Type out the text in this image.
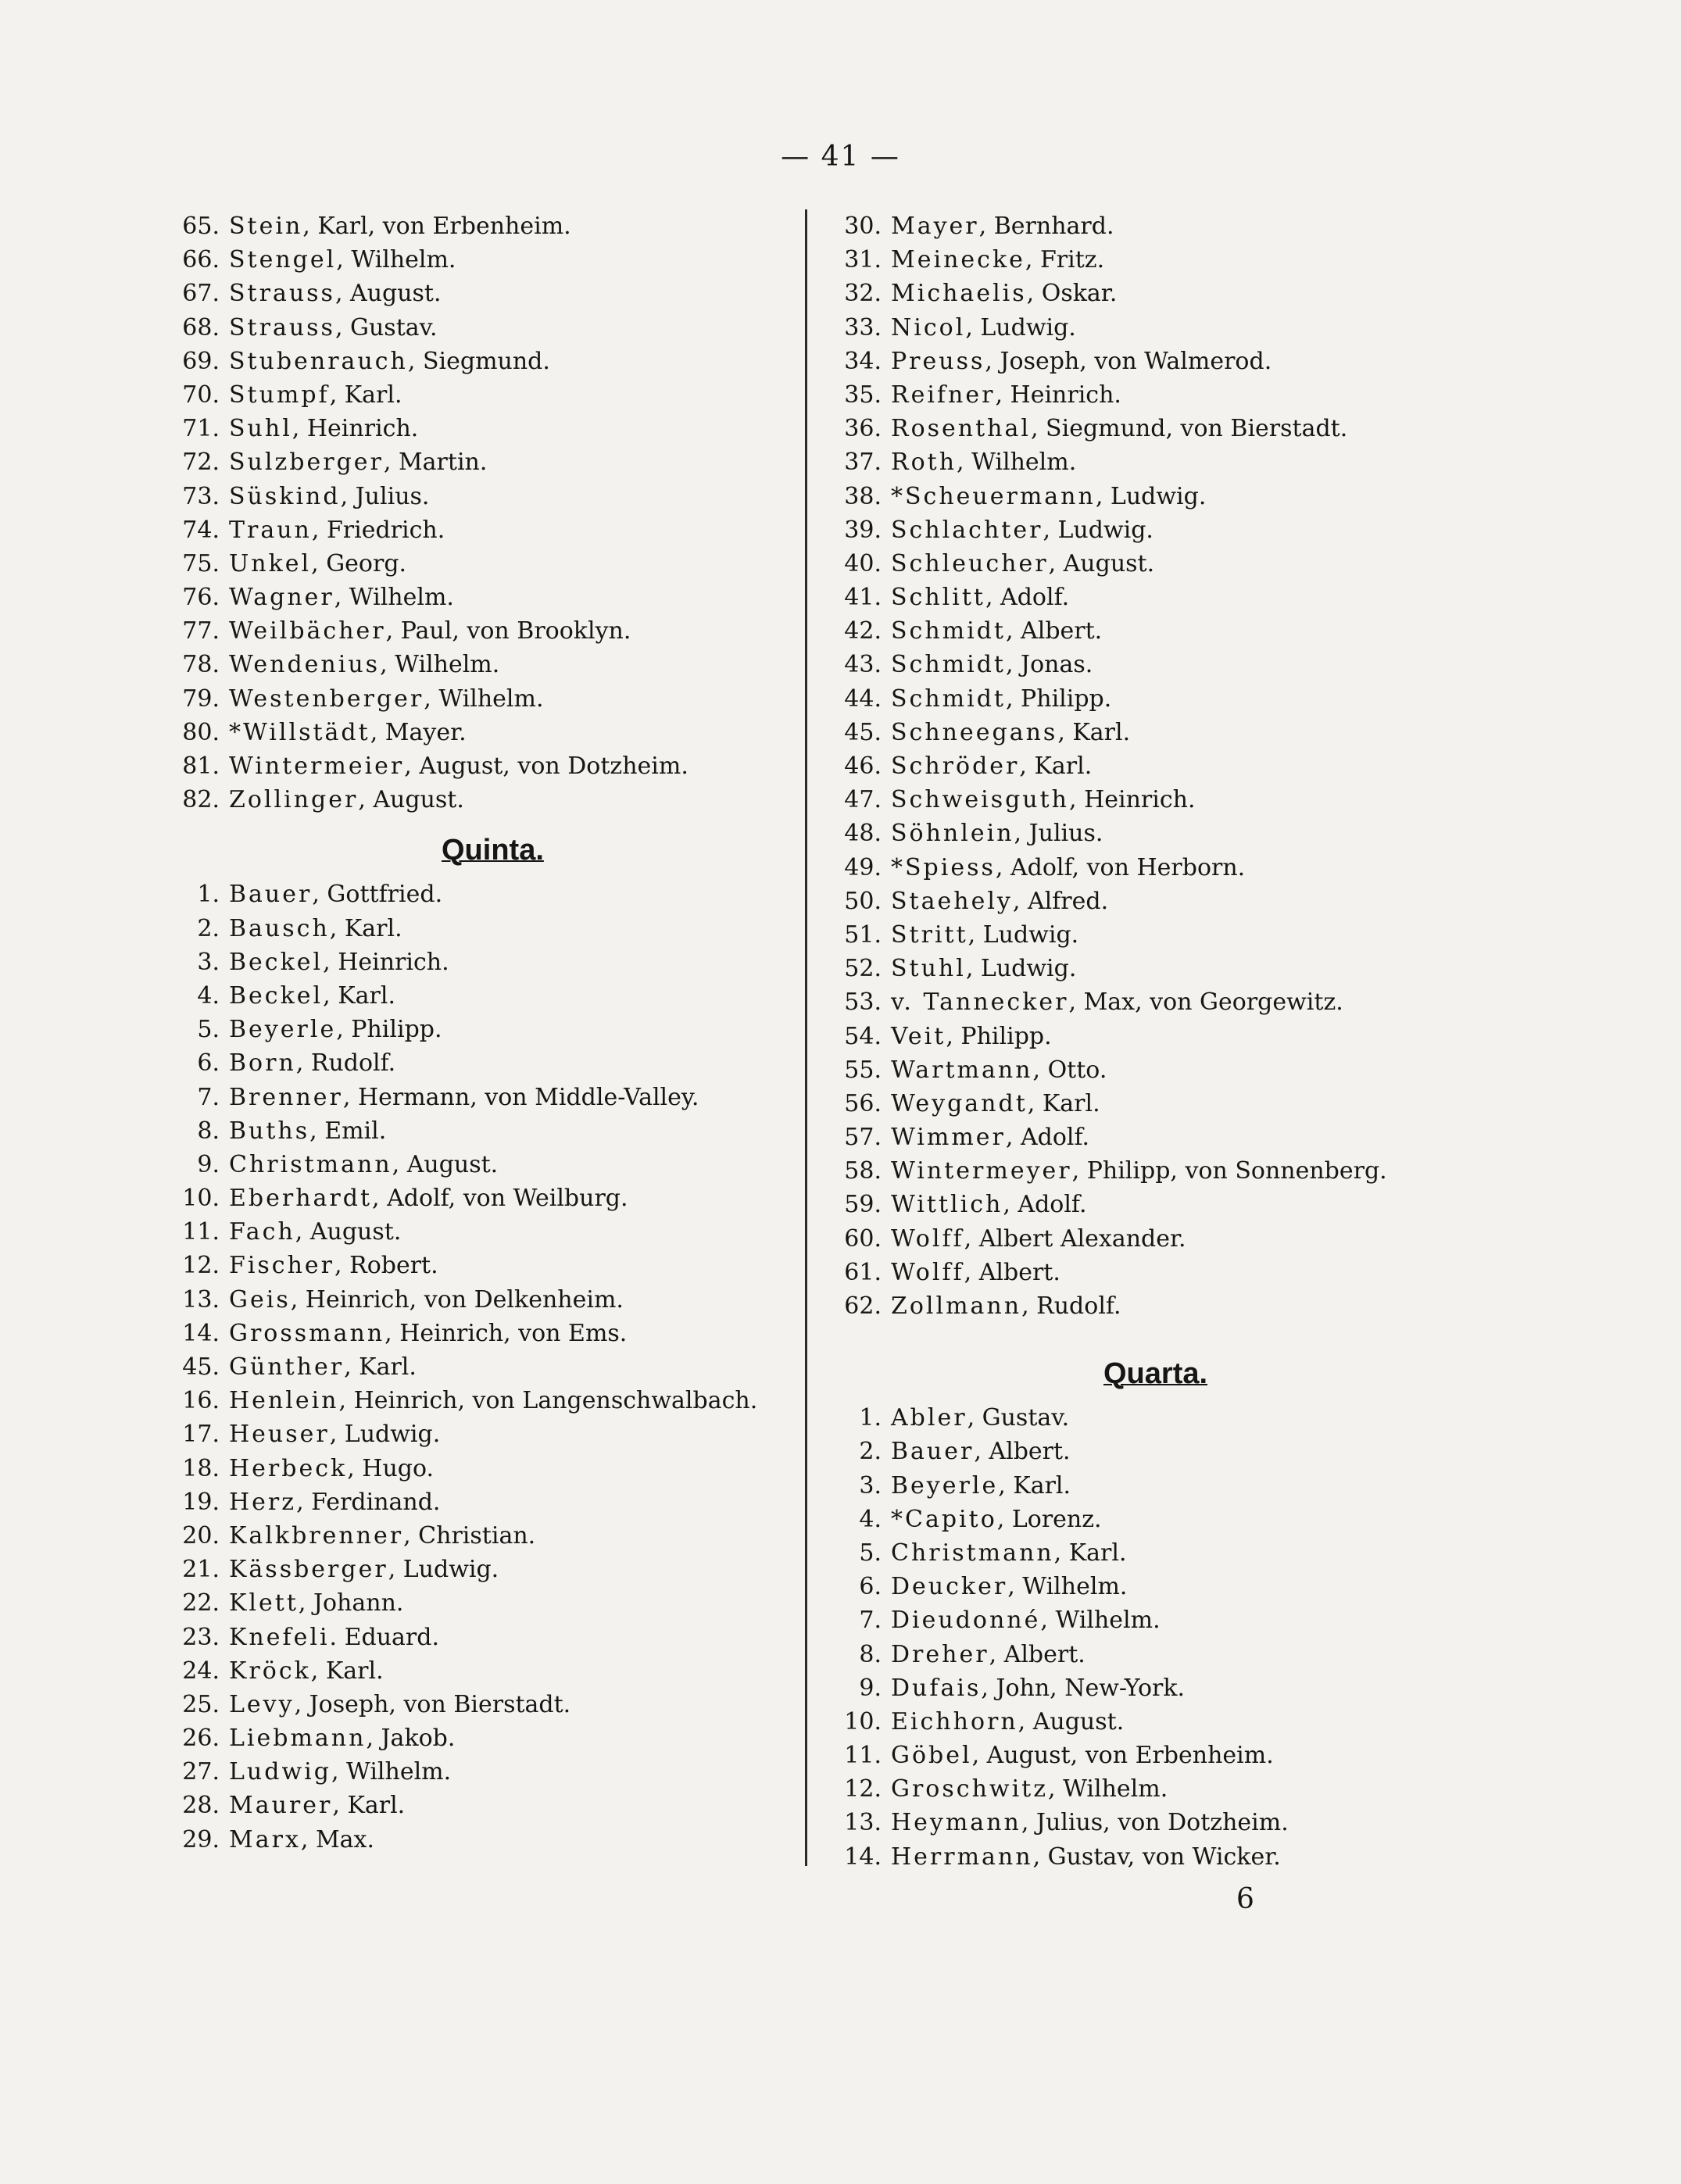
— 41 —
65. Stein , Karl, von Erbenheim.
66. Stengel , Wilhelm.
67. Strauss , August.
68. Strauss , Gustav.
69. Stubenrauch , Siegmund.
70. Stumpf , Karl.
71. Suhl , Heinrich.
72. Sulzberger , Martin.
73. Süskind , Julius.
74. Traun , Friedrich.
75. Unkel , Georg.
76. Wagner , Wilhelm.
77. Weilbächer , Paul, von Brooklyn.
78. Wendenius , Wilhelm.
79. Westenberger , Wilhelm.
80. *Willstädt , Mayer.
81. Wintermeier , August, von Dotzheim.
82. Zollinger , August.
Quinta.
1. Bauer , Gottfried.
2. Bausch , Karl.
3. Beckel , Heinrich.
4. Beckel , Karl.
5. Beyerle , Philipp.
6. Born , Rudolf.
7. Brenner , Hermann, von Middle-Valley.
8. Buths , Emil.
9. Christmann , August.
10. Eberhardt , Adolf, von Weilburg.
11. Fach , August.
12. Fischer , Robert.
13. Geis , Heinrich, von Delkenheim.
14. Grossmann , Heinrich, von Ems.
45. Günther , Karl.
16. Henlein , Heinrich, von Langenschwalbach.
17. Heuser , Ludwig.
18. Herbeck , Hugo.
19. Herz , Ferdinand.
20. Kalkbrenner , Christian.
21. Kässberger , Ludwig.
22. Klett , Johann.
23. Knefeli . Eduard.
24. Kröck , Karl.
25. Levy , Joseph, von Bierstadt.
26. Liebmann , Jakob.
27. Ludwig , Wilhelm.
28. Maurer , Karl.
29. Marx , Max.
30. Mayer , Bernhard.
31. Meinecke , Fritz.
32. Michaelis , Oskar.
33. Nicol , Ludwig.
34. Preuss , Joseph, von Walmerod.
35. Reifner , Heinrich.
36. Rosenthal , Siegmund, von Bierstadt.
37. Roth , Wilhelm.
38. *Scheuermann , Ludwig.
39. Schlachter , Ludwig.
40. Schleucher , August.
41. Schlitt , Adolf.
42. Schmidt , Albert.
43. Schmidt , Jonas.
44. Schmidt , Philipp.
45. Schneegans , Karl.
46. Schröder , Karl.
47. Schweisguth , Heinrich.
48. Söhnlein , Julius.
49. *Spiess , Adolf, von Herborn.
50. Staehely , Alfred.
51. Stritt , Ludwig.
52. Stuhl , Ludwig.
53. v. Tannecker , Max, von Georgewitz.
54. Veit , Philipp.
55. Wartmann , Otto.
56. Weygandt , Karl.
57. Wimmer , Adolf.
58. Wintermeyer , Philipp, von Sonnenberg.
59. Wittlich , Adolf.
60. Wolff , Albert Alexander.
61. Wolff , Albert.
62. Zollmann , Rudolf.
Quarta.
1. Abler , Gustav.
2. Bauer , Albert.
3. Beyerle , Karl.
4. *Capito , Lorenz.
5. Christmann , Karl.
6. Deucker , Wilhelm.
7. Dieudonné , Wilhelm.
8. Dreher , Albert.
9. Dufais , John, New-York.
10. Eichhorn , August.
11. Göbel , August, von Erbenheim.
12. Groschwitz , Wilhelm.
13. Heymann , Julius, von Dotzheim.
14. Herrmann , Gustav, von Wicker.
6
